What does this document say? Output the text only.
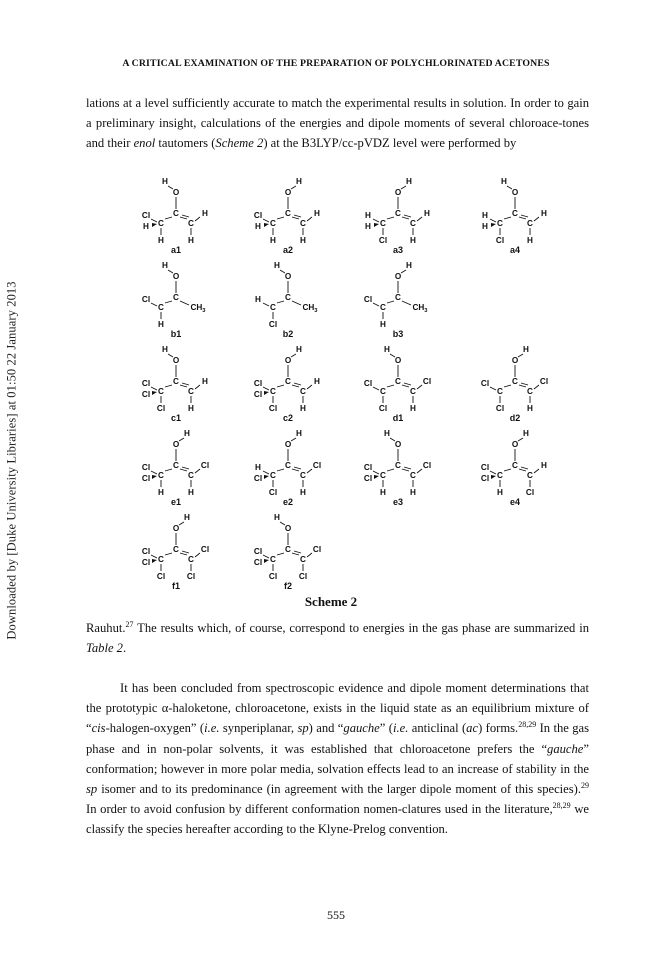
Downloaded by [Duke University Libraries] at 01:50 22 January 2013
A CRITICAL EXAMINATION OF THE PREPARATION OF POLYCHLORINATED ACETONES
lations at a level sufficiently accurate to match the experimental results in solution. In order to gain a preliminary insight, calculations of the energies and dipole moments of several chloroace-tones and their enol tautomers (Scheme 2) at the B3LYP/cc-pVDZ level were performed by
O
H
C
C	C
H
H
Cl
H
H
a1
O
H
C
C	C
H
H
Cl
H
H
a2
O
H
C
C	C
H
H
H
H
Cl
a3
O
H
C
C	C
H
H
H
H
Cl
a4
O
H
C
C	$CH_3$
Cl
H
b1
O
H
C
C	$CH_3$
H
Cl
b2
O
H
C
C	$CH_3$
Cl
H
b3
O
H
C
C	C
H
H
Cl
Cl
Cl
c1
O
H
C
C	C
H
H
Cl
Cl
Cl
c2
O
H
C
C	C
Cl
H
Cl
Cl
d1
O
H
C
C	C
Cl
H
Cl
Cl
d2
O
H
C
C	C
Cl
H
Cl
Cl
H
e1
O
H
C
C	C
Cl
H
H
Cl
Cl
e2
O
H
C
C	C
Cl
H
Cl
Cl
H
e3
O
H
C
C	C
H
Cl
Cl
Cl
H
e4
O
H
C
C	C
Cl
Cl
Cl
Cl
Cl
f1
O
H
C
C	C
Cl
Cl
Cl
Cl
Cl
f2
Scheme 2
Rauhut.$^{27}$ The results which, of course, correspond to energies in the gas phase are summarized in Table 2.
It has been concluded from spectroscopic evidence and dipole moment determinations that the prototypic α-haloketone, chloroacetone, exists in the liquid state as an equilibrium mixture of “cis-halogen-oxygen” (i.e. synperiplanar, sp) and “gauche” (i.e. anticlinal (ac) forms.$^{28,29}$ In the gas phase and in non-polar solvents, it was established that chloroacetone prefers the “gauche” conformation; however in more polar media, solvation effects lead to an increase of stability in the sp isomer and to its predominance (in agreement with the larger dipole moment of this species).$^{29}$ In order to avoid confusion by different conformation nomen-clatures used in the literature,$^{28,29}$ we classify the species hereafter according to the Klyne-Prelog convention.
555
